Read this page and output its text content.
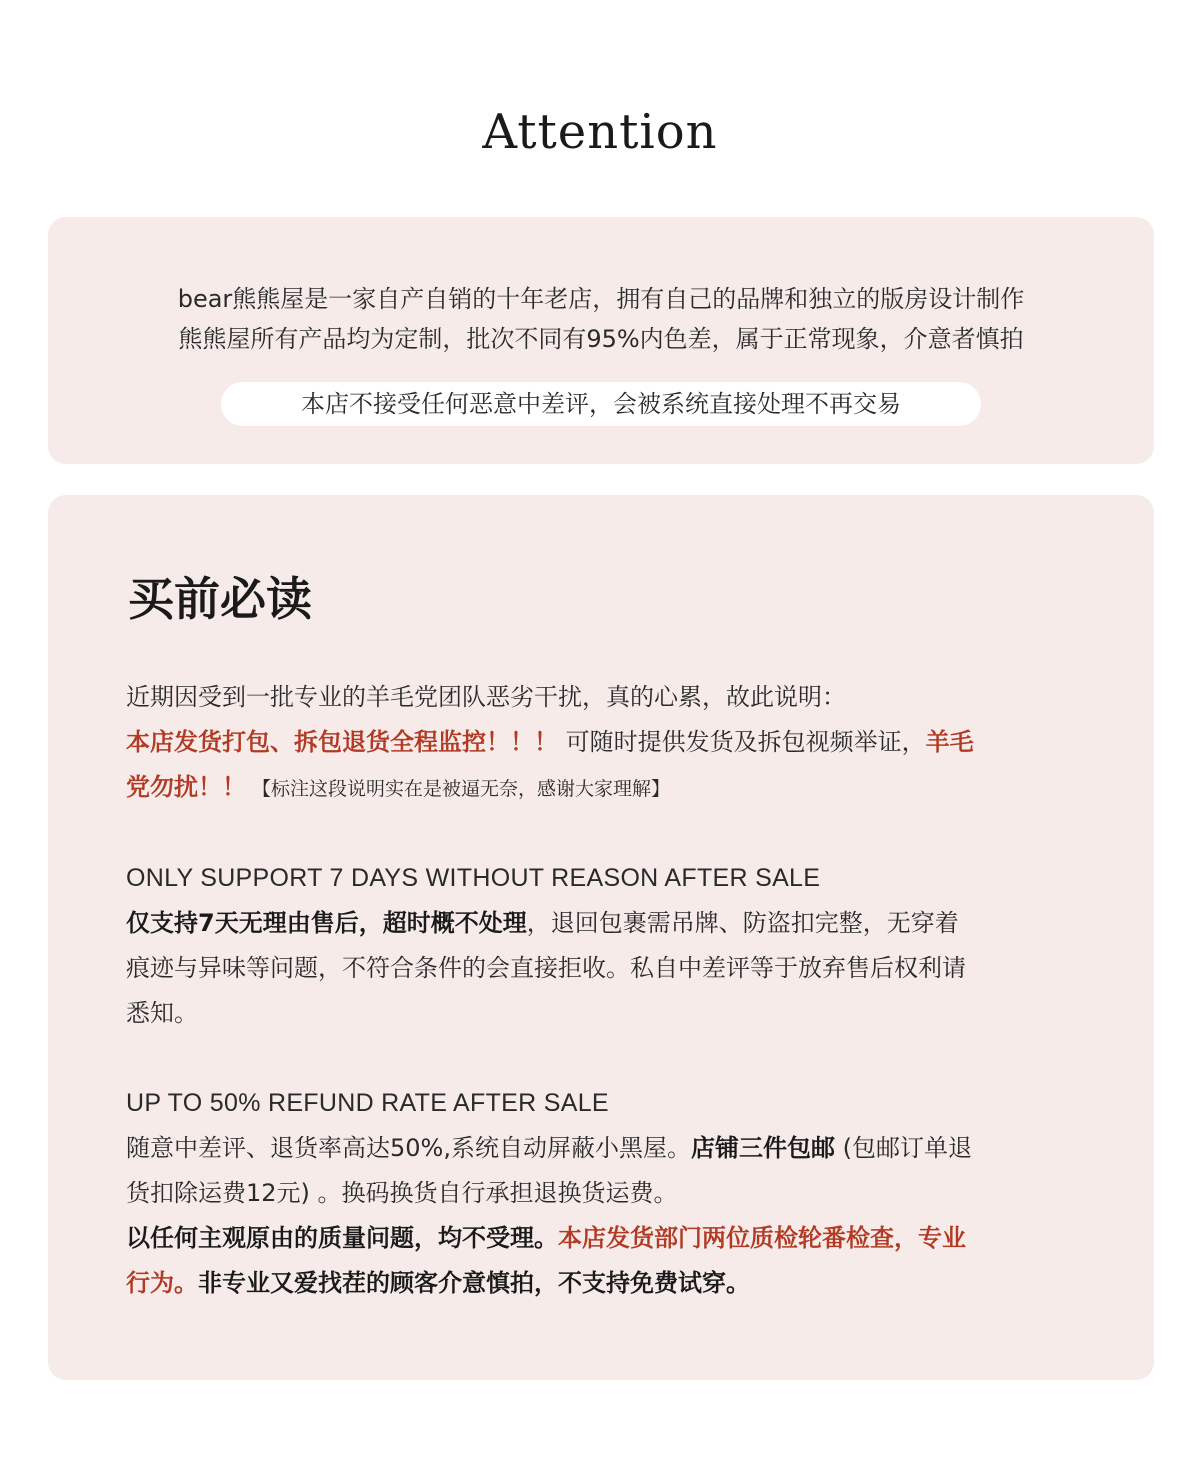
Attention
bear熊熊屋是一家自产自销的十年老店，拥有自己的品牌和独立的版房设计制作
熊熊屋所有产品均为定制，批次不同有95%内色差，属于正常现象，介意者慎拍
本店不接受任何恶意中差评，会被系统直接处理不再交易
买前必读
近期因受到一批专业的羊毛党团队恶劣干扰，真的心累，故此说明：
本店发货打包、拆包退货全程监控！！！ 可随时提供发货及拆包视频举证，羊毛
党勿扰！！ 【标注这段说明实在是被逼无奈，感谢大家理解】
ONLY SUPPORT 7 DAYS WITHOUT REASON AFTER SALE
仅支持7天无理由售后，超时概不处理，退回包裹需吊牌、防盗扣完整，无穿着
痕迹与异味等问题，不符合条件的会直接拒收。私自中差评等于放弃售后权利请
悉知。
UP TO 50% REFUND RATE AFTER SALE
随意中差评、退货率高达50%,系统自动屏蔽小黑屋。店铺三件包邮 (包邮订单退
货扣除运费12元) 。换码换货自行承担退换货运费。
以任何主观原由的质量问题，均不受理。本店发货部门两位质检轮番检查，专业
行为。非专业又爱找茬的顾客介意慎拍，不支持免费试穿。
